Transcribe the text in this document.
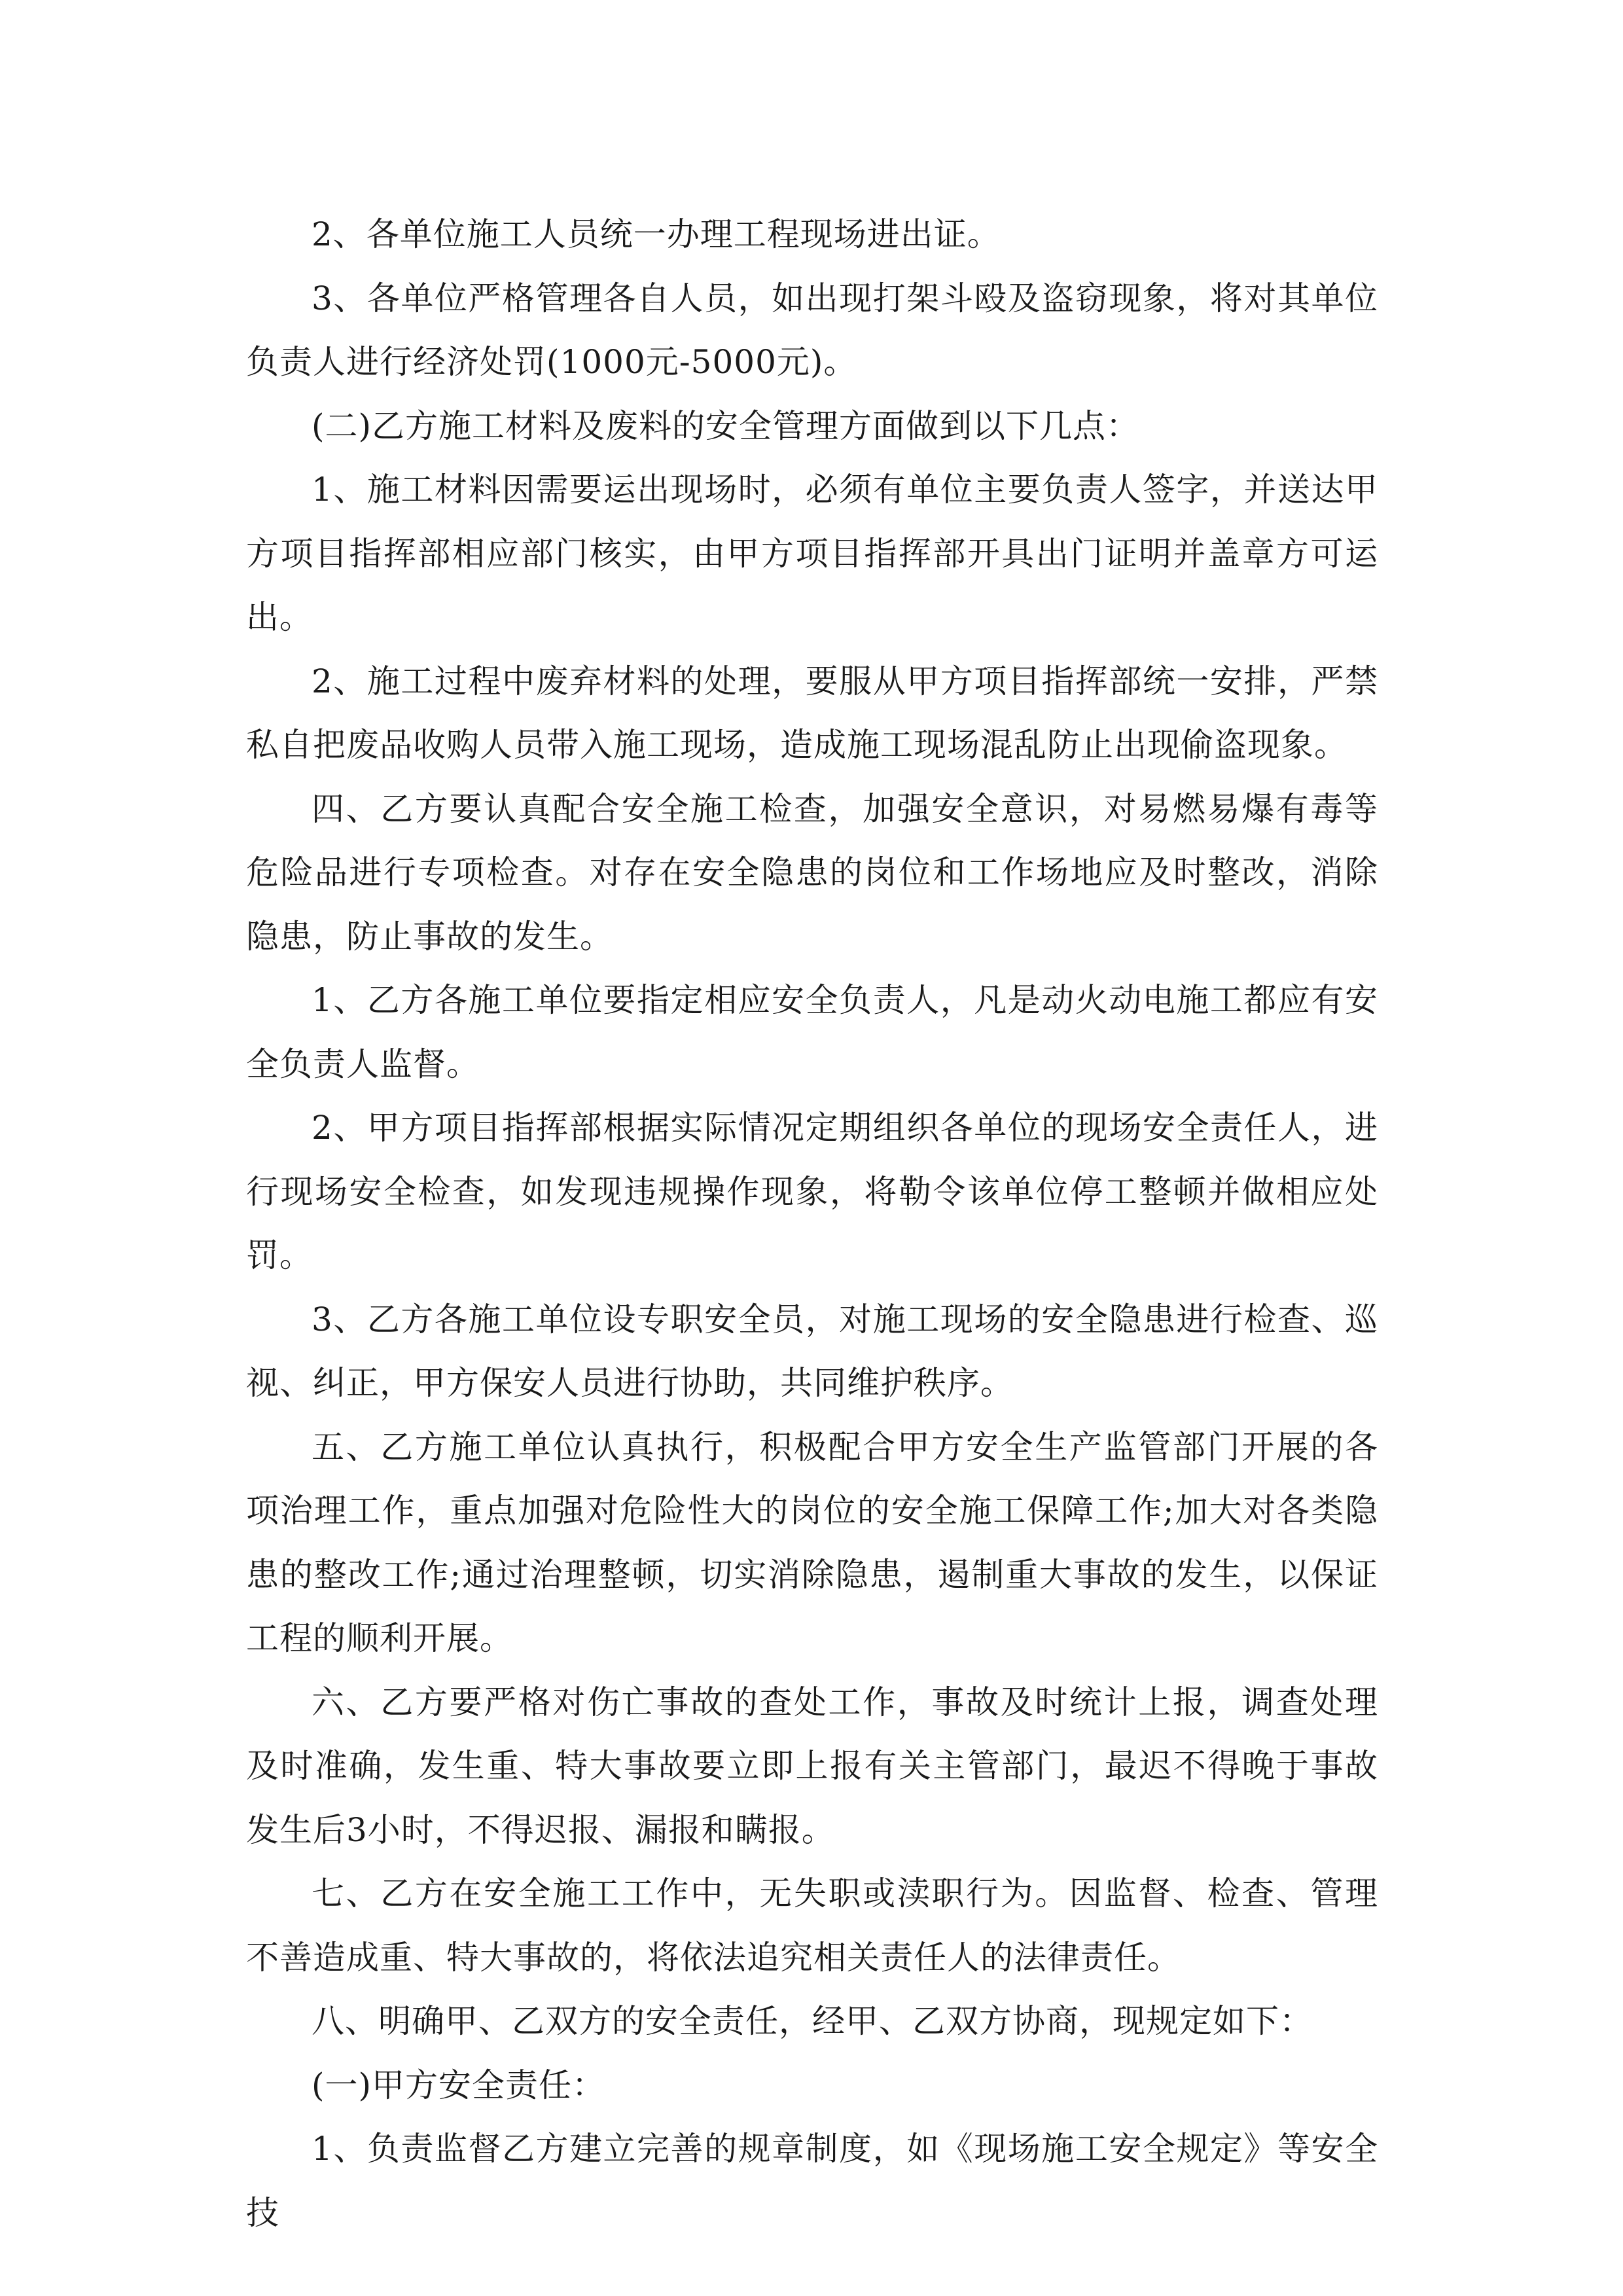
2、各单位施工人员统一办理工程现场进出证。

3、各单位严格管理各自人员，如出现打架斗殴及盗窃现象，将对其单位负责人进行经济处罚(1000元-5000元)。

(二)乙方施工材料及废料的安全管理方面做到以下几点：

1、施工材料因需要运出现场时，必须有单位主要负责人签字，并送达甲方项目指挥部相应部门核实，由甲方项目指挥部开具出门证明并盖章方可运出。

2、施工过程中废弃材料的处理，要服从甲方项目指挥部统一安排，严禁私自把废品收购人员带入施工现场，造成施工现场混乱防止出现偷盗现象。

四、乙方要认真配合安全施工检查，加强安全意识，对易燃易爆有毒等危险品进行专项检查。对存在安全隐患的岗位和工作场地应及时整改，消除隐患，防止事故的发生。

1、乙方各施工单位要指定相应安全负责人，凡是动火动电施工都应有安全负责人监督。

2、甲方项目指挥部根据实际情况定期组织各单位的现场安全责任人，进行现场安全检查，如发现违规操作现象，将勒令该单位停工整顿并做相应处罚。

3、乙方各施工单位设专职安全员，对施工现场的安全隐患进行检查、巡视、纠正，甲方保安人员进行协助，共同维护秩序。

五、乙方施工单位认真执行，积极配合甲方安全生产监管部门开展的各项治理工作，重点加强对危险性大的岗位的安全施工保障工作;加大对各类隐患的整改工作;通过治理整顿，切实消除隐患，遏制重大事故的发生，以保证工程的顺利开展。

六、乙方要严格对伤亡事故的查处工作，事故及时统计上报，调查处理及时准确，发生重、特大事故要立即上报有关主管部门，最迟不得晚于事故发生后3小时，不得迟报、漏报和瞒报。

七、乙方在安全施工工作中，无失职或渎职行为。因监督、检查、管理不善造成重、特大事故的，将依法追究相关责任人的法律责任。

八、明确甲、乙双方的安全责任，经甲、乙双方协商，现规定如下：

(一)甲方安全责任：

1、负责监督乙方建立完善的规章制度，如《现场施工安全规定》等安全技
